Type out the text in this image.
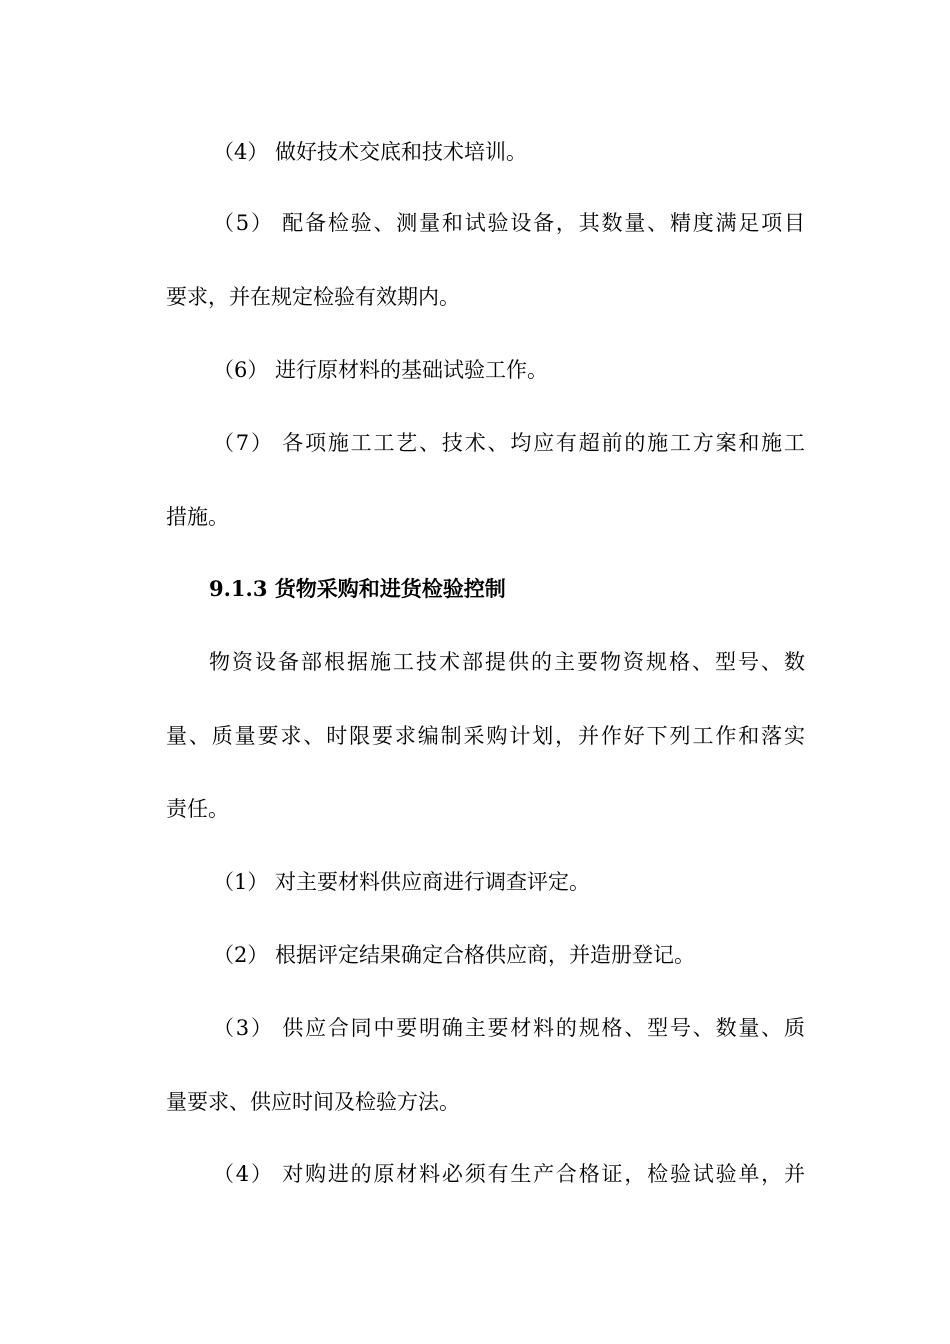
（4） 做好技术交底和技术培训。
（5） 配备检验、测量和试验设备，其数量、精度满足项目
要求，并在规定检验有效期内。
（6） 进行原材料的基础试验工作。
（7） 各项施工工艺、技术、均应有超前的施工方案和施工
措施。
9.1.3 货物采购和进货检验控制
物资设备部根据施工技术部提供的主要物资规格、型号、数
量、质量要求、时限要求编制采购计划，并作好下列工作和落实
责任。
（1） 对主要材料供应商进行调查评定。
（2） 根据评定结果确定合格供应商，并造册登记。
（3） 供应合同中要明确主要材料的规格、型号、数量、质
量要求、供应时间及检验方法。
（4） 对购进的原材料必须有生产合格证，检验试验单，并
